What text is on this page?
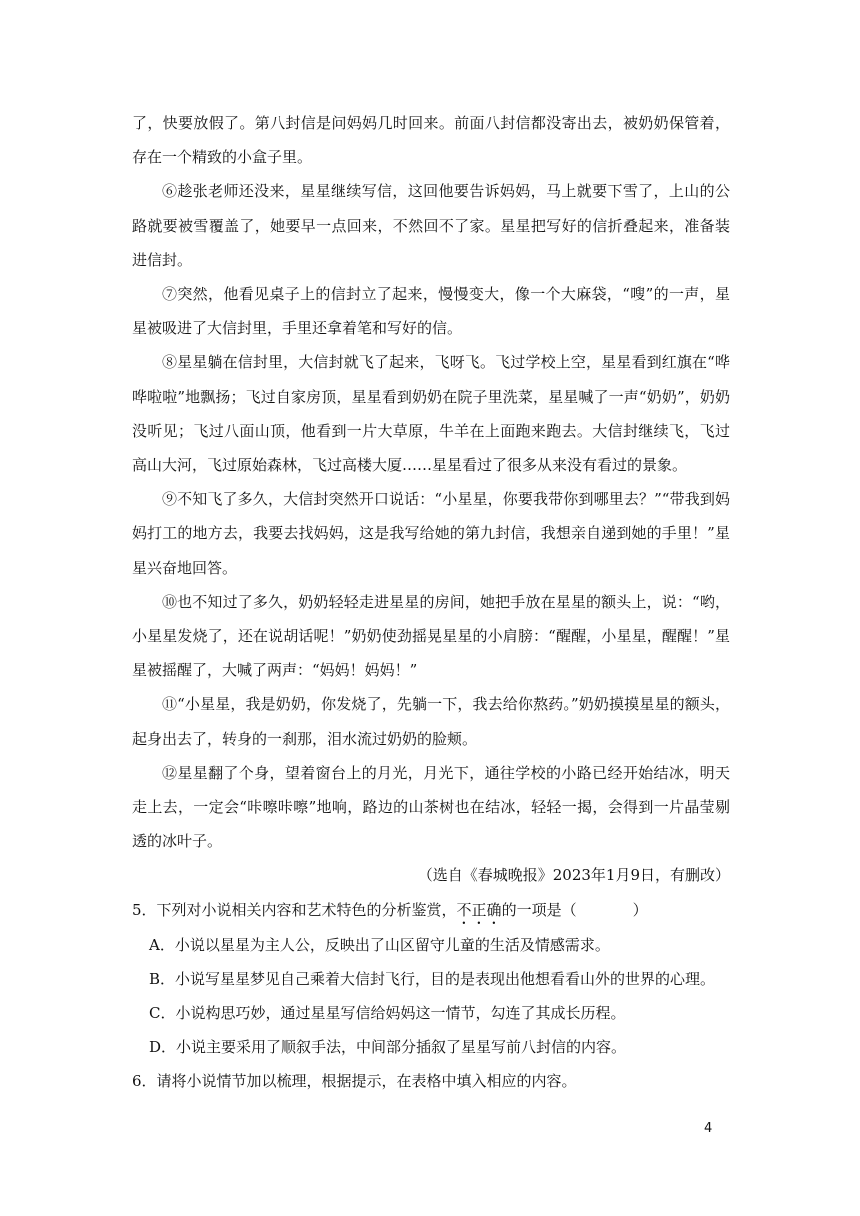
了，快要放假了。第八封信是问妈妈几时回来。前面八封信都没寄出去，被奶奶保管着，存在一个精致的小盒子里。

⑥趁张老师还没来，星星继续写信，这回他要告诉妈妈，马上就要下雪了，上山的公路就要被雪覆盖了，她要早一点回来，不然回不了家。星星把写好的信折叠起来，准备装进信封。

⑦突然，他看见桌子上的信封立了起来，慢慢变大，像一个大麻袋，“嗖”的一声，星星被吸进了大信封里，手里还拿着笔和写好的信。

⑧星星躺在信封里，大信封就飞了起来，飞呀飞。飞过学校上空，星星看到红旗在“哗哗啦啦”地飘扬；飞过自家房顶，星星看到奶奶在院子里洗菜，星星喊了一声“奶奶”，奶奶没听见；飞过八面山顶，他看到一片大草原，牛羊在上面跑来跑去。大信封继续飞，飞过高山大河，飞过原始森林，飞过高楼大厦……星星看过了很多从来没有看过的景象。

⑨不知飞了多久，大信封突然开口说话：“小星星，你要我带你到哪里去？”“带我到妈妈打工的地方去，我要去找妈妈，这是我写给她的第九封信，我想亲自递到她的手里！”星星兴奋地回答。

⑩也不知过了多久，奶奶轻轻走进星星的房间，她把手放在星星的额头上，说：“哟，小星星发烧了，还在说胡话呢！”奶奶使劲摇晃星星的小肩膀：“醒醒，小星星，醒醒！”星星被摇醒了，大喊了两声：“妈妈！妈妈！”

⑪“小星星，我是奶奶，你发烧了，先躺一下，我去给你熬药。”奶奶摸摸星星的额头，起身出去了，转身的一刹那，泪水流过奶奶的脸颊。

⑫星星翻了个身，望着窗台上的月光，月光下，通往学校的小路已经开始结冰，明天走上去，一定会“咔嚓咔嚓”地响，路边的山茶树也在结冰，轻轻一揭，会得到一片晶莹剔透的冰叶子。

（选自《春城晚报》2023年1月9日，有删改）

5．下列对小说相关内容和艺术特色的分析鉴赏，不正确的一项是（	）

A．小说以星星为主人公，反映出了山区留守儿童的生活及情感需求。

B．小说写星星梦见自己乘着大信封飞行，目的是表现出他想看看山外的世界的心理。

C．小说构思巧妙，通过星星写信给妈妈这一情节，勾连了其成长历程。

D．小说主要采用了顺叙手法，中间部分插叙了星星写前八封信的内容。

6．请将小说情节加以梳理，根据提示，在表格中填入相应的内容。

4
